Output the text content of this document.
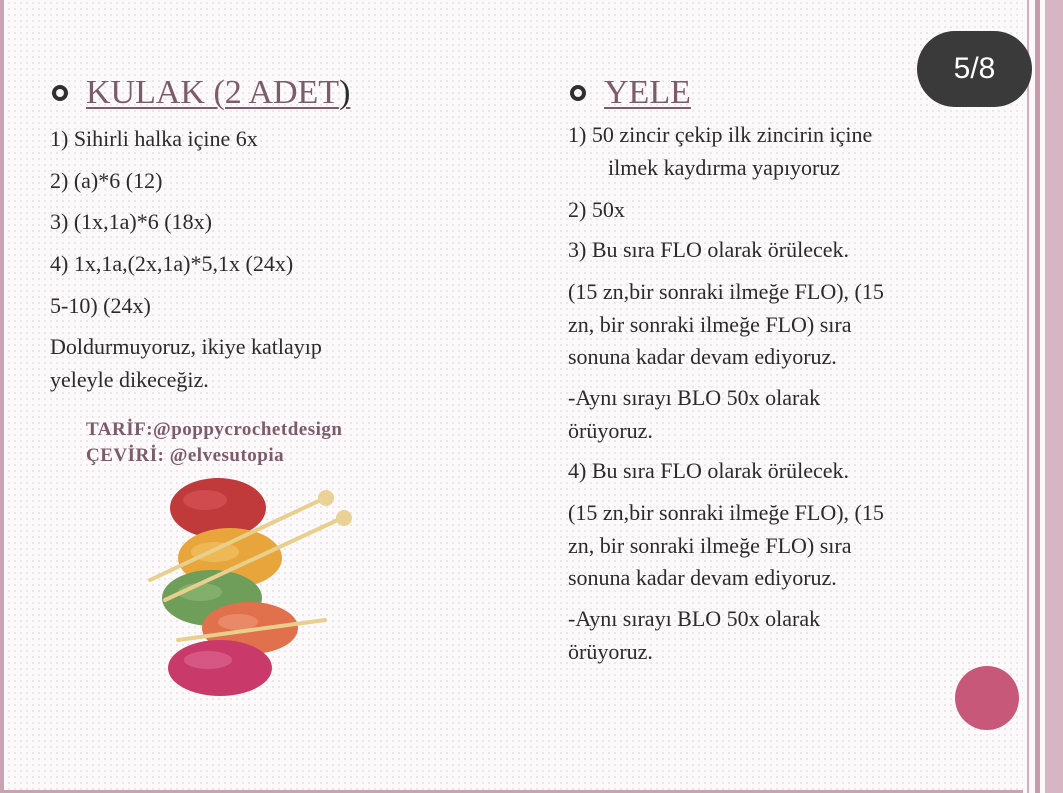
5/8
KULAK (2 ADET )
1) Sihirli halka içine 6x
2) (a)*6 (12)
3) (1x,1a)*6 (18x)
4) 1x,1a,(2x,1a)*5,1x (24x)
5-10) (24x)
Doldurmuyoruz, ikiye katlayıp
yeleyle dikeceğiz.
TARİF:@poppycrochetdesign
ÇEVİRİ: @elvesutopia
YELE
1) 50 zincir çekip ilk zincirin içine
ilmek kaydırma yapıyoruz
2) 50x
3) Bu sıra FLO olarak örülecek.
(15 zn,bir sonraki ilmeğe FLO), (15
zn, bir sonraki ilmeğe FLO) sıra
sonuna kadar devam ediyoruz.
-Aynı sırayı BLO 50x olarak
örüyoruz.
4) Bu sıra FLO olarak örülecek.
(15 zn,bir sonraki ilmeğe FLO), (15
zn, bir sonraki ilmeğe FLO) sıra
sonuna kadar devam ediyoruz.
-Aynı sırayı BLO 50x olarak
örüyoruz.
